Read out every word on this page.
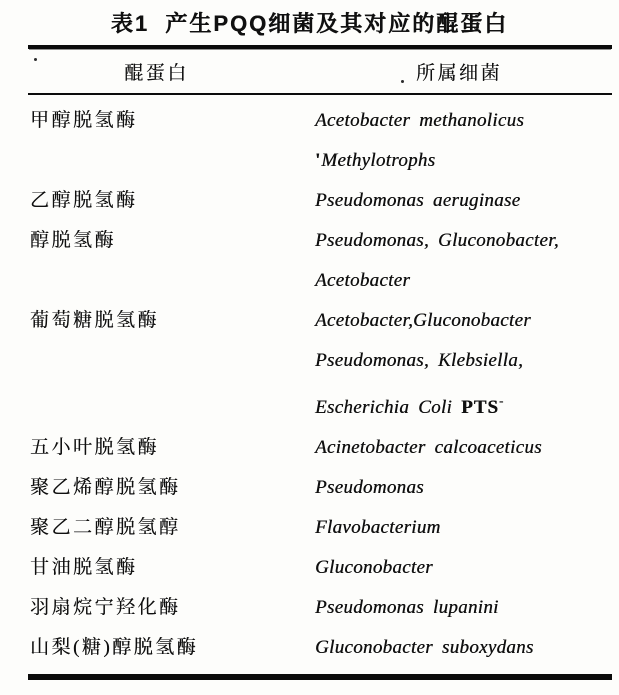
表1  产生PQQ细菌及其对应的醌蛋白
醌蛋白	所属细菌
甲醇脱氢酶	Acetobacter methanolicus
'Methylotrophs
乙醇脱氢酶	Pseudomonas aeruginase
醇脱氢酶	Pseudomonas, Gluconobacter,
Acetobacter
葡萄糖脱氢酶	Acetobacter,Gluconobacter
Pseudomonas, Klebsiella,
Escherichia Coli PTS-
五小叶脱氢酶	Acinetobacter calcoaceticus
聚乙烯醇脱氢酶	Pseudomonas
聚乙二醇脱氢醇	Flavobacterium
甘油脱氢酶	Gluconobacter
羽扇烷宁羟化酶	Pseudomonas lupanini
山梨(糖)醇脱氢酶	Gluconobacter suboxydans
